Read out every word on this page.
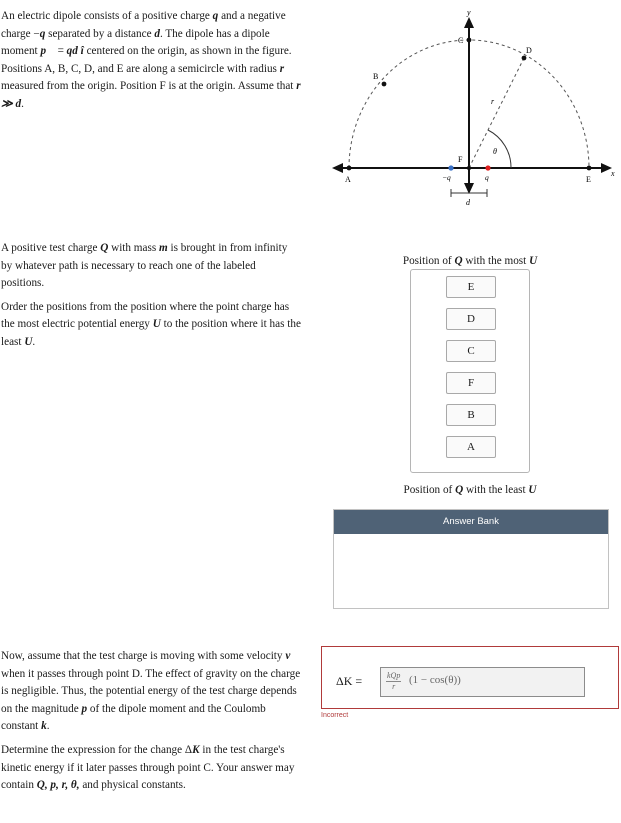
An electric dipole consists of a positive charge q and a negative charge −q separated by a distance d. The dipole has a dipole moment p⃗ = qd î centered on the origin, as shown in the figure. Positions A, B, C, D, and E are along a semicircle with radius r measured from the origin. Position F is at the origin. Assume that r ≫ d.

x
y
r
θ
d
−q	q
A
B
C
D
E
F

A positive test charge Q with mass m is brought in from infinity by whatever path is necessary to reach one of the labeled positions.

Order the positions from the position where the point charge has the most electric potential energy U to the position where it has the least U.

Position of Q with the most U
E
D
C
F
B
A
Position of Q with the least U
Answer Bank

Now, assume that the test charge is moving with some velocity v⃗ when it passes through point D. The effect of gravity on the charge is negligible. Thus, the potential energy of the test charge depends on the magnitude p of the dipole moment and the Coulomb constant k.

Determine the expression for the change ΔK in the test charge's kinetic energy if it later passes through point C. Your answer may contain Q, p, r, θ, and physical constants.

ΔK =	kQp
r
(1 − cos(θ))
Incorrect
